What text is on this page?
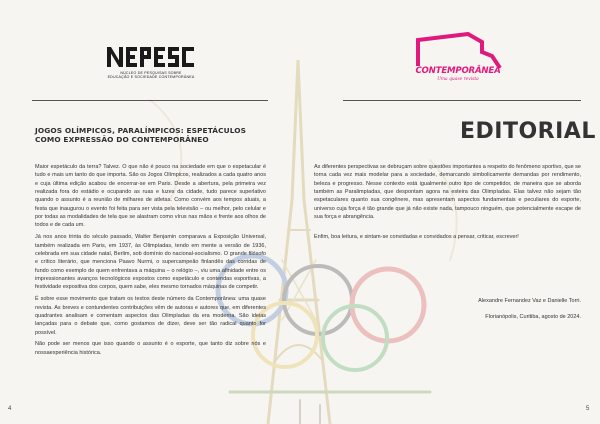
NÚCLEO DE PESQUISAS SOBRE
EDUCAÇÃO E SOCIEDADE CONTEMPORÂNEA
JOGOS OLÍMPICOS, PARALÍMPICOS: ESPETÁCULOS COMO EXPRESSÃO DO CONTEMPORÂNEO

Maior espetáculo da terra? Talvez. O que não é pouco na sociedade em que o espetacular é tudo e mais um tanto do que importa. São os Jogos Olímpicos, realizados a cada quatro anos e cuja última edição acabou de encerrar-se em Paris. Desde a abertura, pela primeira vez realizada fora do estádio e ocupando as ruas e luzes da cidade, tudo parece superlativo quando o assunto é a reunião de milhares de atletas. Como convém aos tempos atuais, a festa que inaugurou o evento foi feita para ser vista pela televisão – ou melhor, pelo celular e por todas as modalidades de tela que se alastram como vírus nas mãos e frente aos olhos de todos e de cada um.

Já nos anos trinta do século passado, Walter Benjamin comparava a Exposição Universal, também realizada em Paris, em 1937, às Olimpíadas, tendo em mente a versão de 1936, celebrada em sua cidade natal, Berlim, sob domínio do nacional-socialismo. O grande filósofo e crítico literário, que menciona Paavo Nurmi, o supercampeão finlandês das corridas de fundo como exemplo de quem enfrentava a máquina – o relógio –, viu uma afinidade entre os impressionantes avanços tecnológicos expostos como espetáculo e contendas esportivas, a festividade expositiva dos corpos, quem sabe, eles mesmo tornados máquinas de competir.

É sobre esse movimento que tratam os textos deste número da Contemporânea: uma quase revista. As breves e contundentes contribuições vêm de autoras e autores que, em diferentes quadrantes analisam e comentam aspectos das Olimpíadas da era moderna. São ideias lançadas para o debate que, como gostamos de dizer, deve ser tão radical quanto for possível.

Não pode ser menos que isso quando o assunto é o esporte, que tanto diz sobre nós e nossaexperiência histórica.

4
CONTEMPORÂNEA
Uma quase revista
EDITORIAL

As diferentes perspectivas se debruçam sobre questões importantes a respeito do fenômeno sportivo, que se torna cada vez mais modelar para a sociedade, demarcando simbolicamente demandas por rendimento, beleza e progresso. Nesse contexto está igualmente outro tipo de competidor, de maneira que se aborda também as Paralimpíadas, que despontam agora na esteira das Olimpíadas. Elas talvez não sejam tão espetaculares quanto sua congênere, mas apresentam aspectos fundamentais e peculiares do esporte, universo cuja força é tão grande que já não existe nada, tampouco ninguém, que potencialmente escape de sua força e abrangência.

Enfim, boa leitura, e sintam-se convidadas e convidados a pensar, criticar, escrever!

Alexandre Fernandez Vaz e Danielle Torri.
Florianópolis, Curitiba, agosto de 2024.
5
